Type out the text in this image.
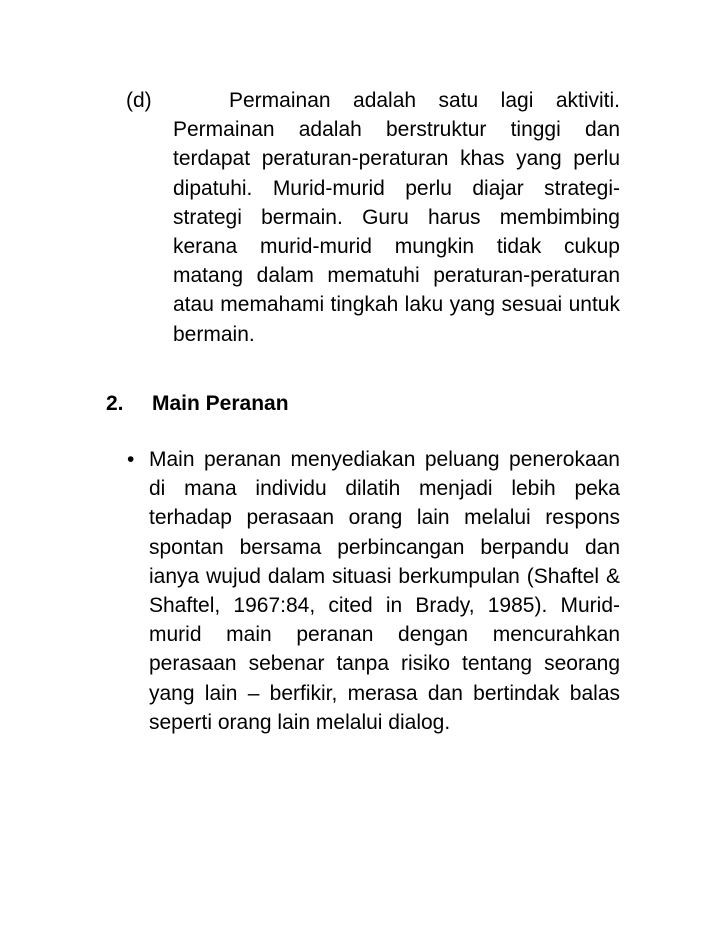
(d)	Permainan adalah satu lagi aktiviti. Permainan adalah berstruktur tinggi dan terdapat peraturan-peraturan khas yang perlu dipatuhi. Murid-murid perlu diajar strategi-strategi bermain. Guru harus membimbing kerana murid-murid mungkin tidak cukup matang dalam mematuhi peraturan-peraturan atau memahami tingkah laku yang sesuai untuk bermain.

2. Main Peranan
• Main peranan menyediakan peluang penerokaan di mana individu dilatih menjadi lebih peka terhadap perasaan orang lain melalui respons spontan bersama perbincangan berpandu dan ianya wujud dalam situasi berkumpulan (Shaftel & Shaftel, 1967:84, cited in Brady, 1985). Murid-murid main peranan dengan mencurahkan perasaan sebenar tanpa risiko tentang seorang yang lain – berfikir, merasa dan bertindak balas seperti orang lain melalui dialog.
